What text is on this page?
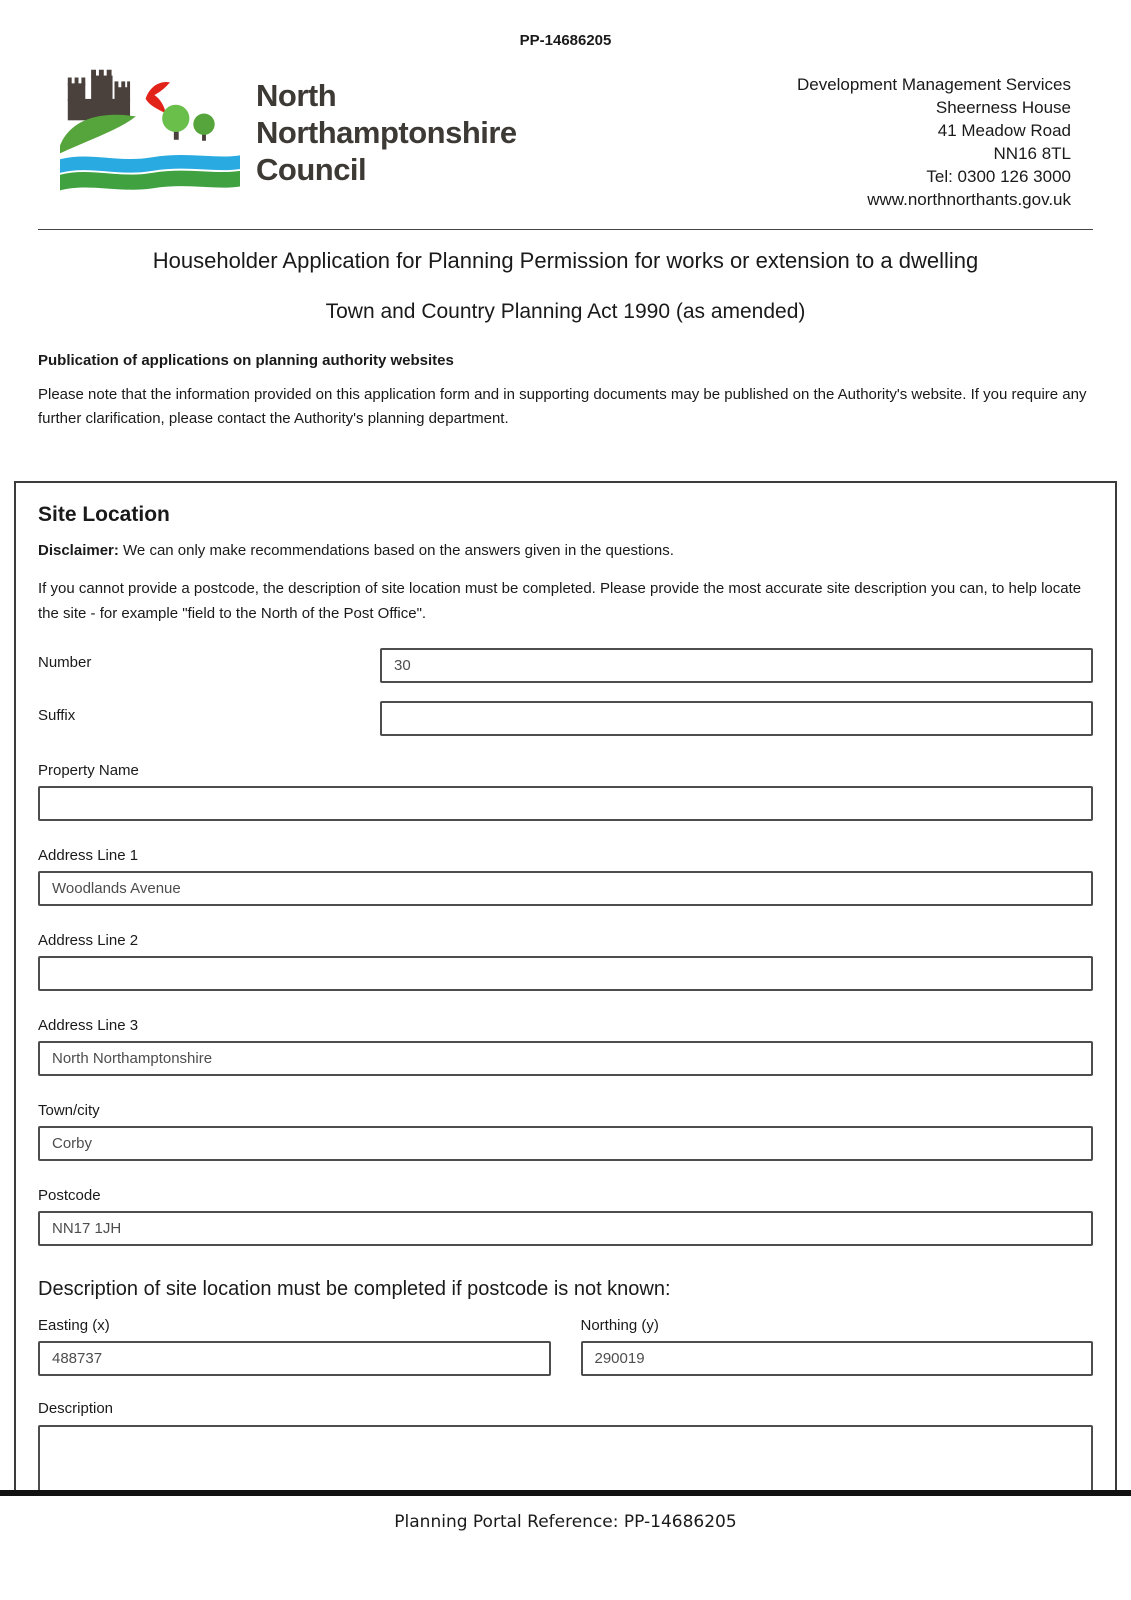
PP-14686205
North
Northamptonshire
Council
Development Management Services
Sheerness House
41 Meadow Road
NN16 8TL
Tel: 0300 126 3000
www.northnorthants.gov.uk
Householder Application for Planning Permission for works or extension to a dwelling
Town and Country Planning Act 1990 (as amended)
Publication of applications on planning authority websites
Please note that the information provided on this application form and in supporting documents may be published on the Authority's website. If you require any further clarification, please contact the Authority's planning department.
Site Location
Disclaimer: We can only make recommendations based on the answers given in the questions.
If you cannot provide a postcode, the description of site location must be completed. Please provide the most accurate site description you can, to help locate the site - for example "field to the North of the Post Office".
Number
30
Suffix
Property Name
Address Line 1
Woodlands Avenue
Address Line 2
Address Line 3
North Northamptonshire
Town/city
Corby
Postcode
NN17 1JH
Description of site location must be completed if postcode is not known:
Easting (x)
488737	Northing (y)
290019
Description
Planning Portal Reference: PP-14686205
